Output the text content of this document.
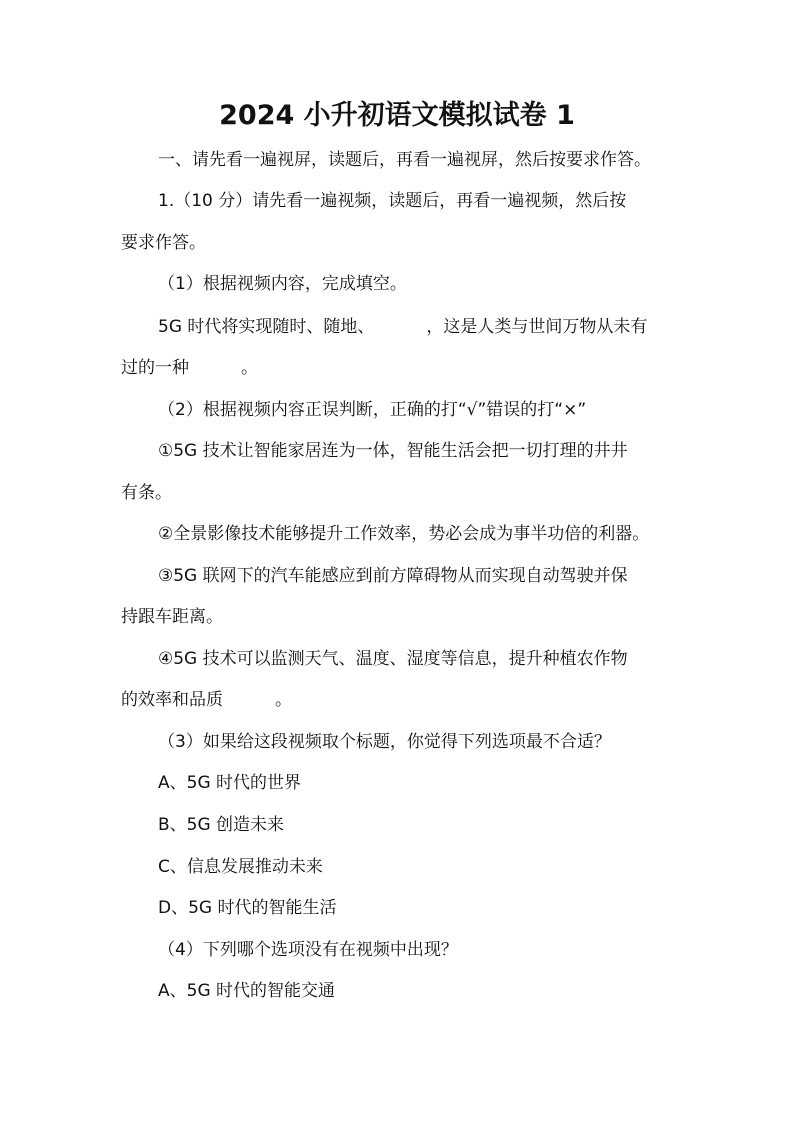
2024 小升初语文模拟试卷 1

一、请先看一遍视屏，读题后，再看一遍视屏，然后按要求作答。

1.（10 分）请先看一遍视频，读题后，再看一遍视频，然后按

要求作答。

（1）根据视频内容，完成填空。

5G 时代将实现随时、随地、	，这是人类与世间万物从未有

过的一种	。

（2）根据视频内容正误判断，正确的打“√”错误的打“×”

①5G 技术让智能家居连为一体，智能生活会把一切打理的井井

有条。

②全景影像技术能够提升工作效率，势必会成为事半功倍的利器。

③5G 联网下的汽车能感应到前方障碍物从而实现自动驾驶并保

持跟车距离。

④5G 技术可以监测天气、温度、湿度等信息，提升种植农作物

的效率和品质	。

（3）如果给这段视频取个标题，你觉得下列选项最不合适？

A、5G 时代的世界

B、5G 创造未来

C、信息发展推动未来

D、5G 时代的智能生活

（4）下列哪个选项没有在视频中出现？

A、5G 时代的智能交通
